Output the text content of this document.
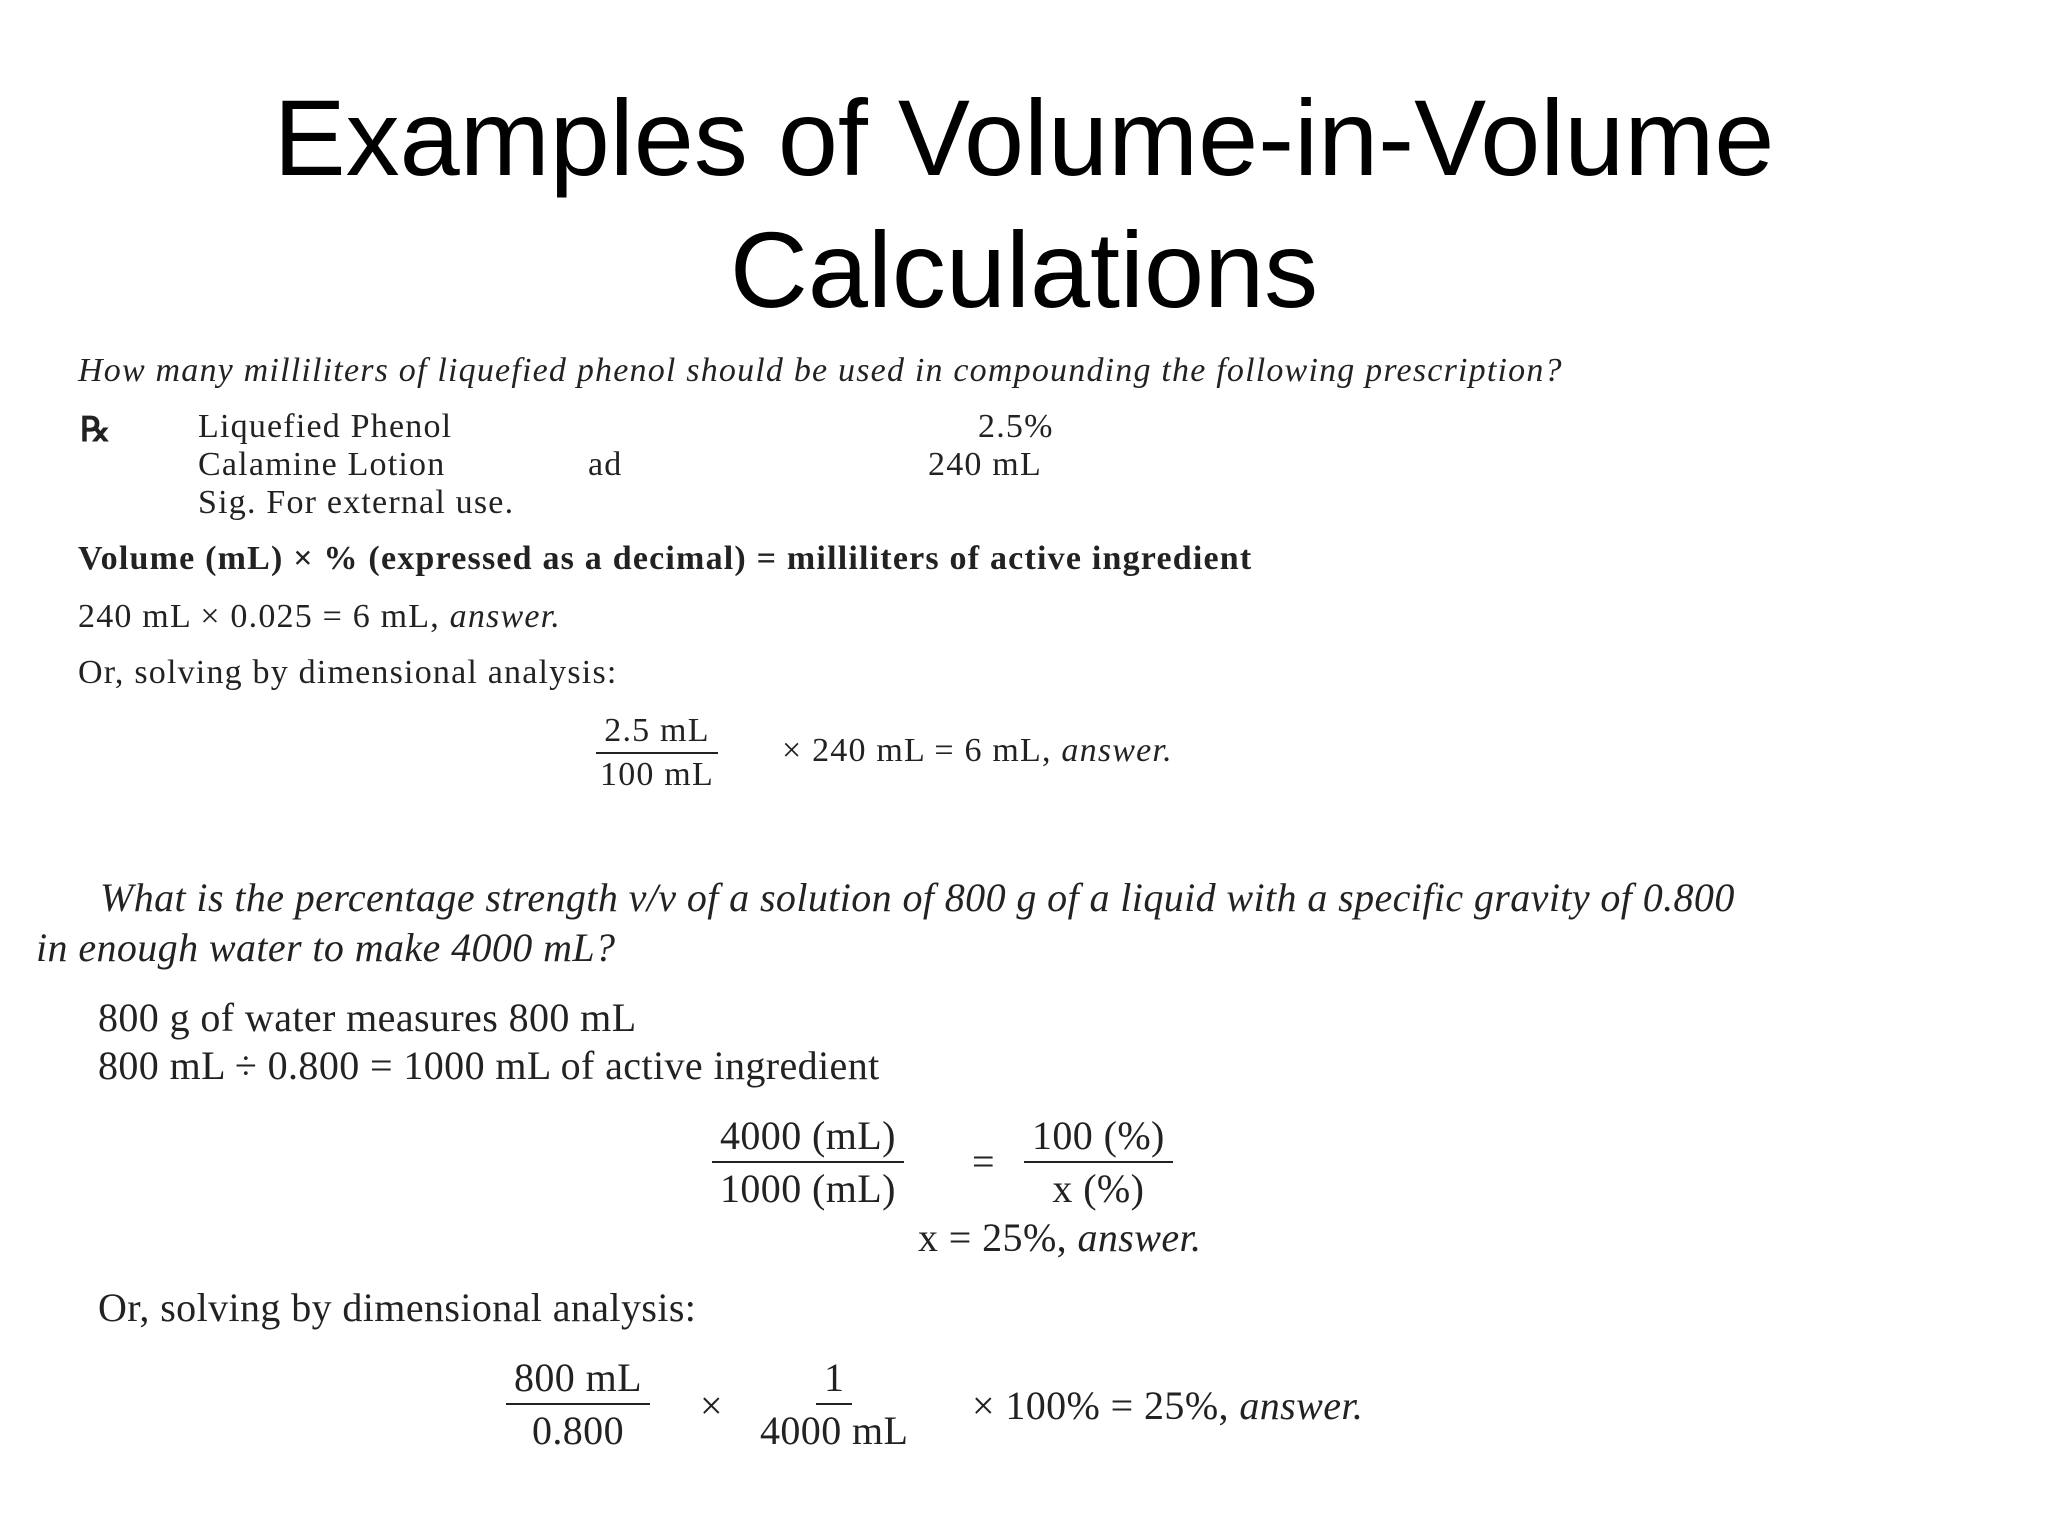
Examples of Volume-in-Volume
Calculations
How many milliliters of liquefied phenol should be used in compounding the following prescription?
℞	Liquefied Phenol	2.5%
Calamine Lotion	ad	240 mL
Sig. For external use.
Volume (mL) × % (expressed as a decimal) = milliliters of active ingredient
240 mL × 0.025 = 6 mL, answer.
Or, solving by dimensional analysis:
$\frac{2.5 mL}{100 mL} \times 240$ mL = 6 mL, answer.
What is the percentage strength v/v of a solution of 800 g of a liquid with a specific gravity of 0.800
in enough water to make 4000 mL?
800 g of water measures 800 mL
800 mL ÷ 0.800 = 1000 mL of active ingredient
$\frac{4000 (mL)}{1000 (mL)} = \frac{100 (\%)}{x (\%)}$
x = 25%, answer.
Or, solving by dimensional analysis:
$\frac{800 mL}{0.800} \times \frac{1}{4000 mL} \times 100\% = 25\%$, answer.
